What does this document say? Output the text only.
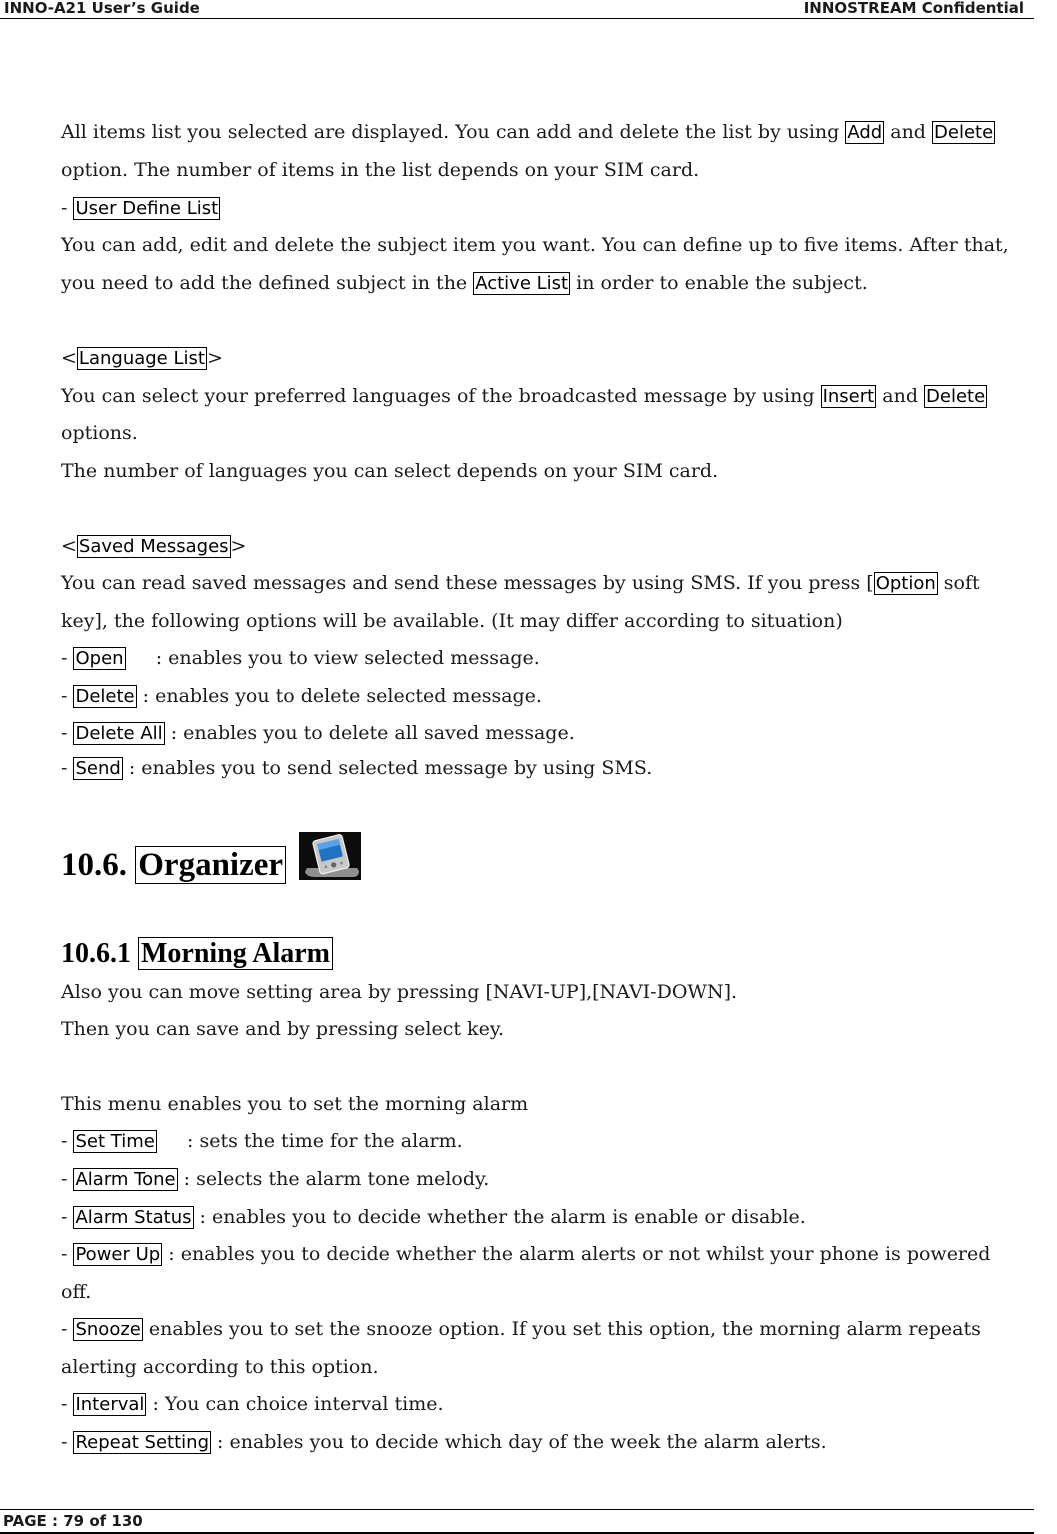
INNO-A21 User’s Guide	INNOSTREAM Confidential
All items list you selected are displayed. You can add and delete the list by using Add and Delete
option. The number of items in the list depends on your SIM card.
- User Define List
You can add, edit and delete the subject item you want. You can define up to five items. After that,
you need to add the defined subject in the Active List in order to enable the subject.
< Language List >
You can select your preferred languages of the broadcasted message by using Insert and Delete
options.
The number of languages you can select depends on your SIM card.
< Saved Messages >
You can read saved messages and send these messages by using SMS. If you press [ Option soft
key], the following options will be available. (It may differ according to situation)
- Open     : enables you to view selected message.
- Delete : enables you to delete selected message.
- Delete All : enables you to delete all saved message.
- Send : enables you to send selected message by using SMS.
10.6. Organizer
10.6.1 Morning Alarm
Also you can move setting area by pressing [NAVI-UP],[NAVI-DOWN].
Then you can save and by pressing select key.
This menu enables you to set the morning alarm
- Set Time     : sets the time for the alarm.
- Alarm Tone : selects the alarm tone melody.
- Alarm Status : enables you to decide whether the alarm is enable or disable.
- Power Up : enables you to decide whether the alarm alerts or not whilst your phone is powered
off.
- Snooze enables you to set the snooze option. If you set this option, the morning alarm repeats
alerting according to this option.
- Interval : You can choice interval time.
- Repeat Setting : enables you to decide which day of the week the alarm alerts.
PAGE : 79 of 130
